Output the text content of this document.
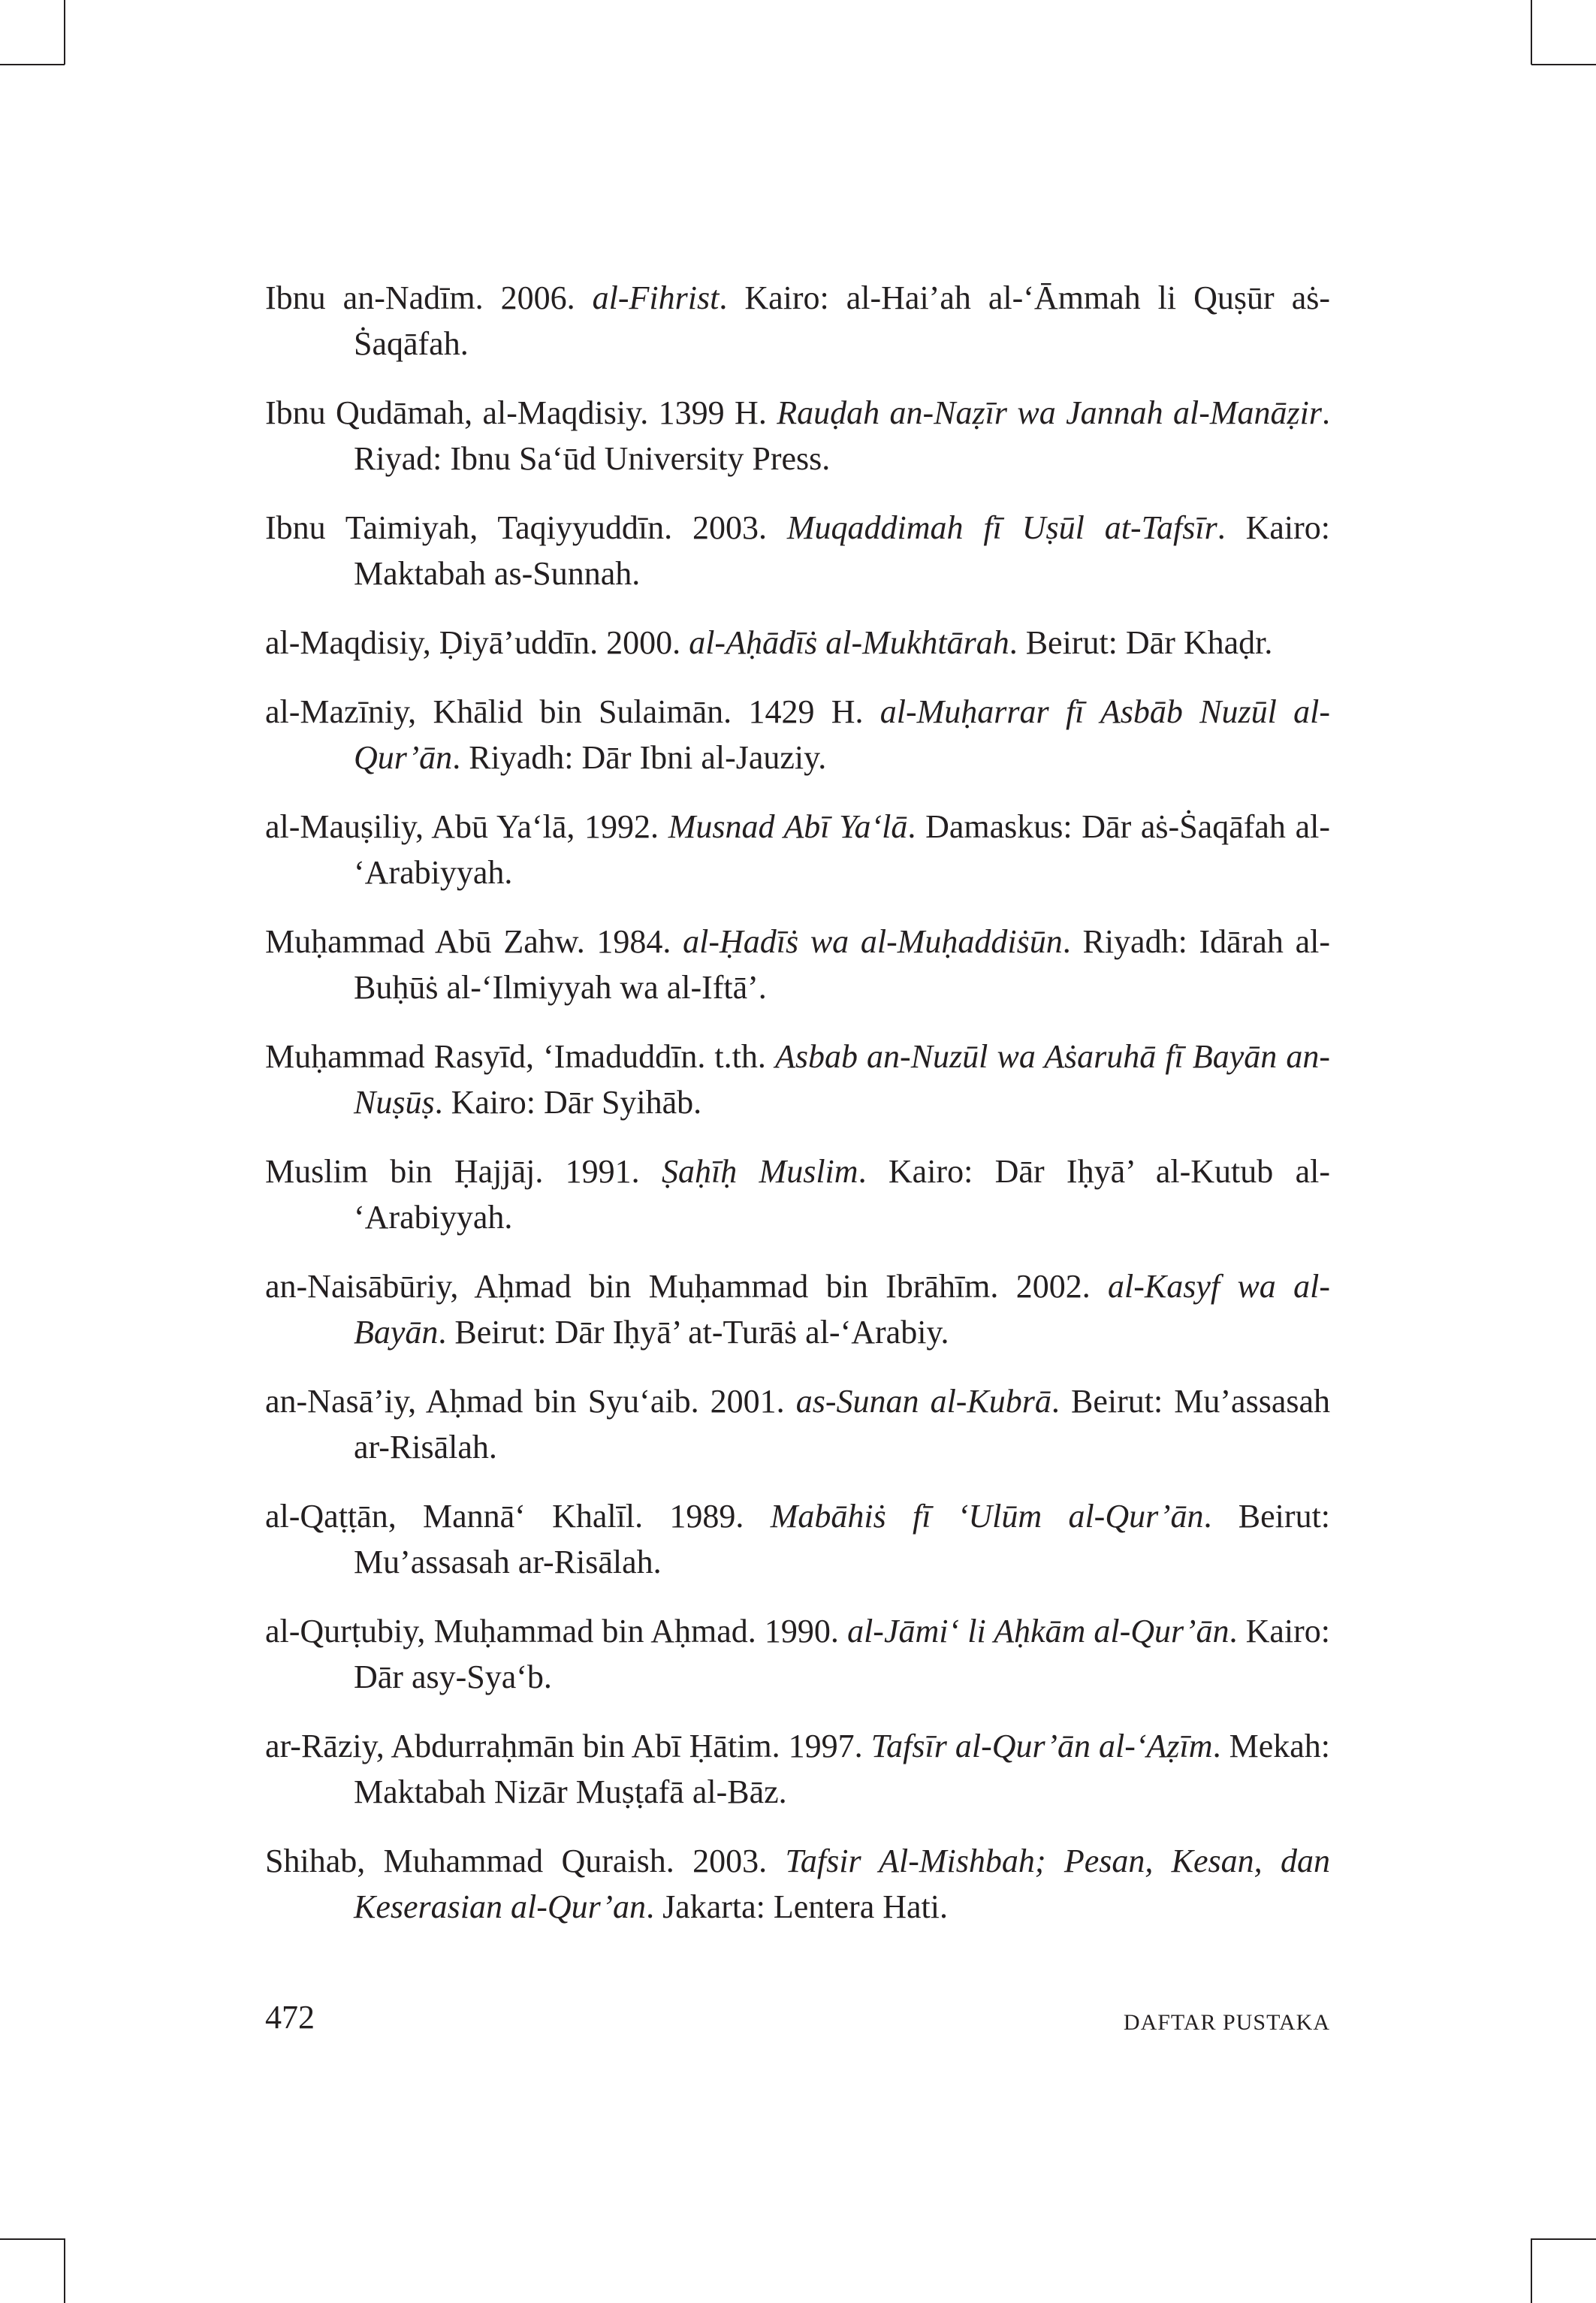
Ibnu an-Nadīm. 2006. al-Fihrist. Kairo: al-Hai’ah al-ʻĀmmah li Quṣūr aṡ-Ṡaqāfah.

Ibnu Qudāmah, al-Maqdisiy. 1399 H. Rauḍah an-Naẓīr wa Jannah al-Manāẓir. Riyad: Ibnu Saʻūd University Press.

Ibnu Taimiyah, Taqiyyuddīn. 2003. Muqaddimah fī Uṣūl at-Tafsīr. Kairo: Maktabah as-Sunnah.

al-Maqdisiy, Ḍiyā’uddīn. 2000. al-Aḥādīṡ al-Mukhtārah. Beirut: Dār Khaḍr.

al-Mazīniy, Khālid bin Sulaimān. 1429 H. al-Muḥarrar fī Asbāb Nuzūl al-Qur’ān. Riyadh: Dār Ibni al-Jauziy.

al-Mauṣiliy, Abū Yaʻlā, 1992. Musnad Abī Yaʻlā. Damaskus: Dār aṡ-Ṡaqāfah al-ʻArabiyyah.

Muḥammad Abū Zahw. 1984. al-Ḥadīṡ wa al-Muḥaddiṡūn. Riyadh: Idārah al-Buḥūṡ al-ʻIlmiyyah wa al-Iftā’.

Muḥammad Rasyīd, ʻImaduddīn. t.th. Asbab an-Nuzūl wa Aṡaruhā fī Bayān an-Nuṣūṣ. Kairo: Dār Syihāb.

Muslim bin Ḥajjāj. 1991. Ṣaḥīḥ Muslim. Kairo: Dār Iḥyā’ al-Kutub al-ʻArabiyyah.

an-Naisābūriy, Aḥmad bin Muḥammad bin Ibrāhīm. 2002. al-Kasyf wa al-Bayān. Beirut: Dār Iḥyā’ at-Turāṡ al-ʻArabiy.

an-Nasā’iy, Aḥmad bin Syuʻaib. 2001. as-Sunan al-Kubrā. Beirut: Mu’assasah ar-Risālah.

al-Qaṭṭān, Mannāʻ Khalīl. 1989. Mabāhiṡ fī ʻUlūm al-Qur’ān. Beirut: Mu’assasah ar-Risālah.

al-Qurṭubiy, Muḥammad bin Aḥmad. 1990. al-Jāmiʻ li Aḥkām al-Qur’ān. Kairo: Dār asy-Syaʻb.

ar-Rāziy, Abdurraḥmān bin Abī Ḥātim. 1997. Tafsīr al-Qur’ān al-ʻAẓīm. Mekah: Maktabah Nizār Muṣṭafā al-Bāz.

Shihab, Muhammad Quraish. 2003. Tafsir Al-Mishbah; Pesan, Kesan, dan Keserasian al-Qur’an. Jakarta: Lentera Hati.

472	DAFTAR PUSTAKA
